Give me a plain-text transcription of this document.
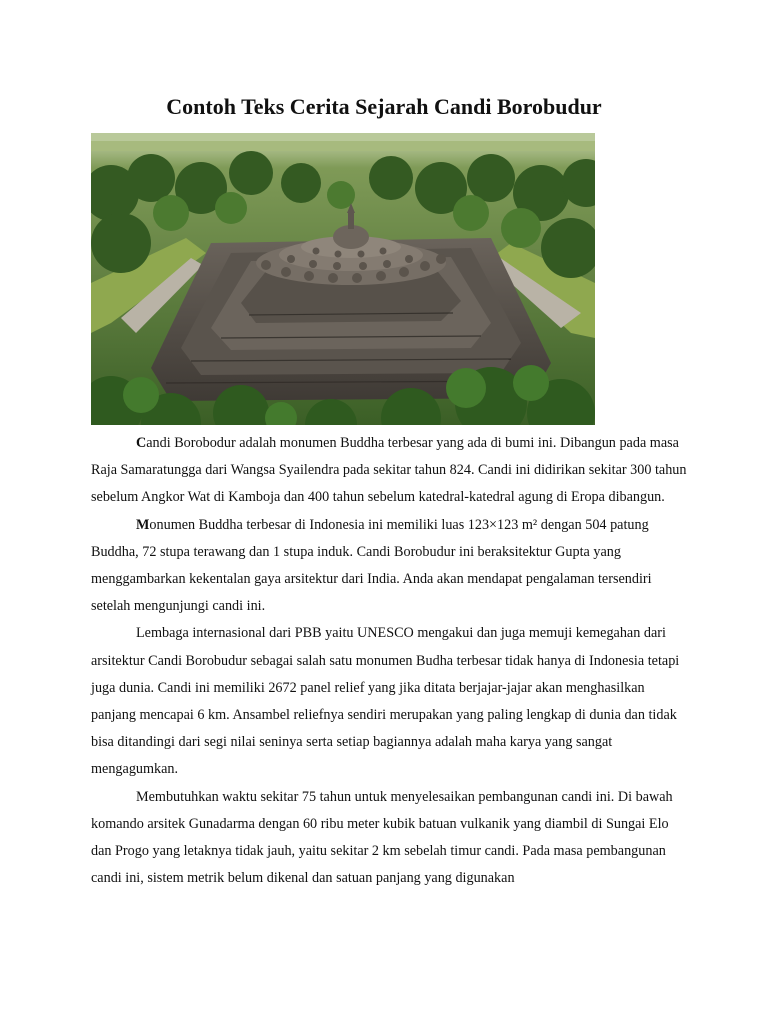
Contoh Teks Cerita Sejarah Candi Borobudur

Candi Borobodur adalah monumen Buddha terbesar yang ada di bumi ini. Dibangun pada masa Raja Samaratungga dari Wangsa Syailendra pada sekitar tahun 824. Candi ini didirikan sekitar 300 tahun sebelum Angkor Wat di Kamboja dan 400 tahun sebelum katedral-katedral agung di Eropa dibangun.

Monumen Buddha terbesar di Indonesia ini memiliki luas 123×123 m² dengan 504 patung Buddha, 72 stupa terawang dan 1 stupa induk. Candi Borobudur ini beraksitektur Gupta yang menggambarkan kekentalan gaya arsitektur dari India. Anda akan mendapat pengalaman tersendiri setelah mengunjungi candi ini.

Lembaga internasional dari PBB yaitu UNESCO mengakui dan juga memuji kemegahan dari arsitektur Candi Borobudur sebagai salah satu monumen Budha terbesar tidak hanya di Indonesia tetapi juga dunia. Candi ini memiliki 2672 panel relief yang jika ditata berjajar-jajar akan menghasilkan panjang mencapai 6 km. Ansambel reliefnya sendiri merupakan yang paling lengkap di dunia dan tidak bisa ditandingi dari segi nilai seninya serta setiap bagiannya adalah maha karya yang sangat mengagumkan.

Membutuhkan waktu sekitar 75 tahun untuk menyelesaikan pembangunan candi ini. Di bawah komando arsitek Gunadarma dengan 60 ribu meter kubik batuan vulkanik yang diambil di Sungai Elo dan Progo yang letaknya tidak jauh, yaitu sekitar 2 km sebelah timur candi. Pada masa pembangunan candi ini, sistem metrik belum dikenal dan satuan panjang yang digunakan
